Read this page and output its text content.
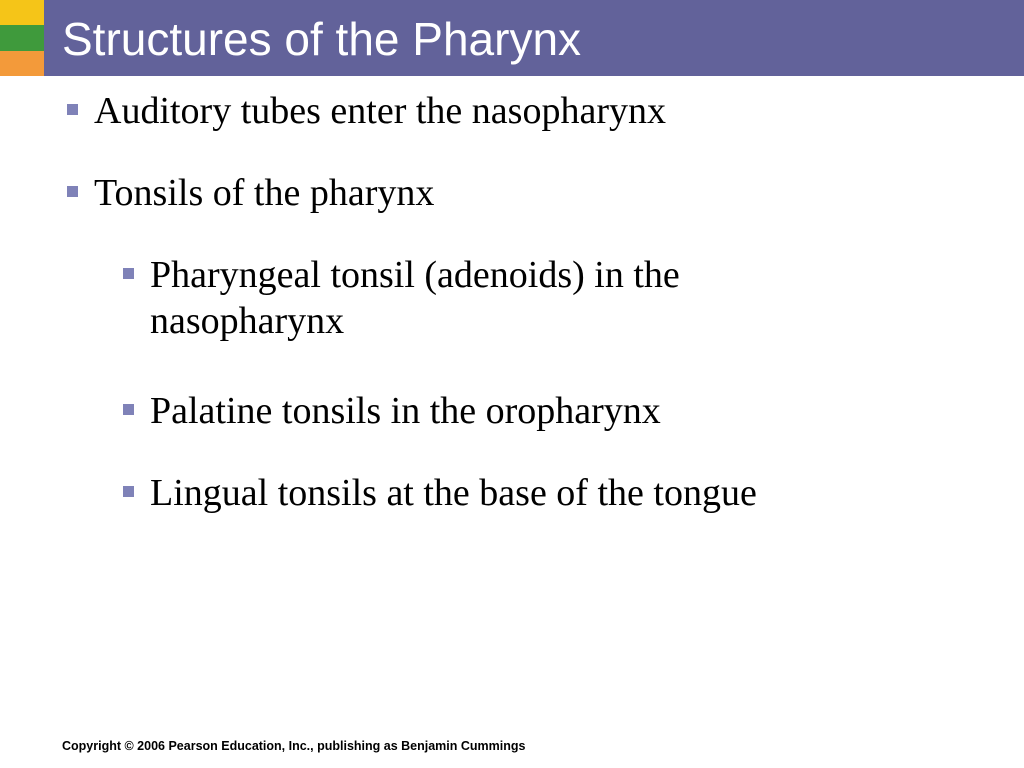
Structures of the Pharynx
Auditory tubes enter the nasopharynx
Tonsils of the pharynx
Pharyngeal tonsil (adenoids) in the nasopharynx
Palatine tonsils in the oropharynx
Lingual tonsils at the base of the tongue
Copyright © 2006 Pearson Education, Inc., publishing as Benjamin Cummings
